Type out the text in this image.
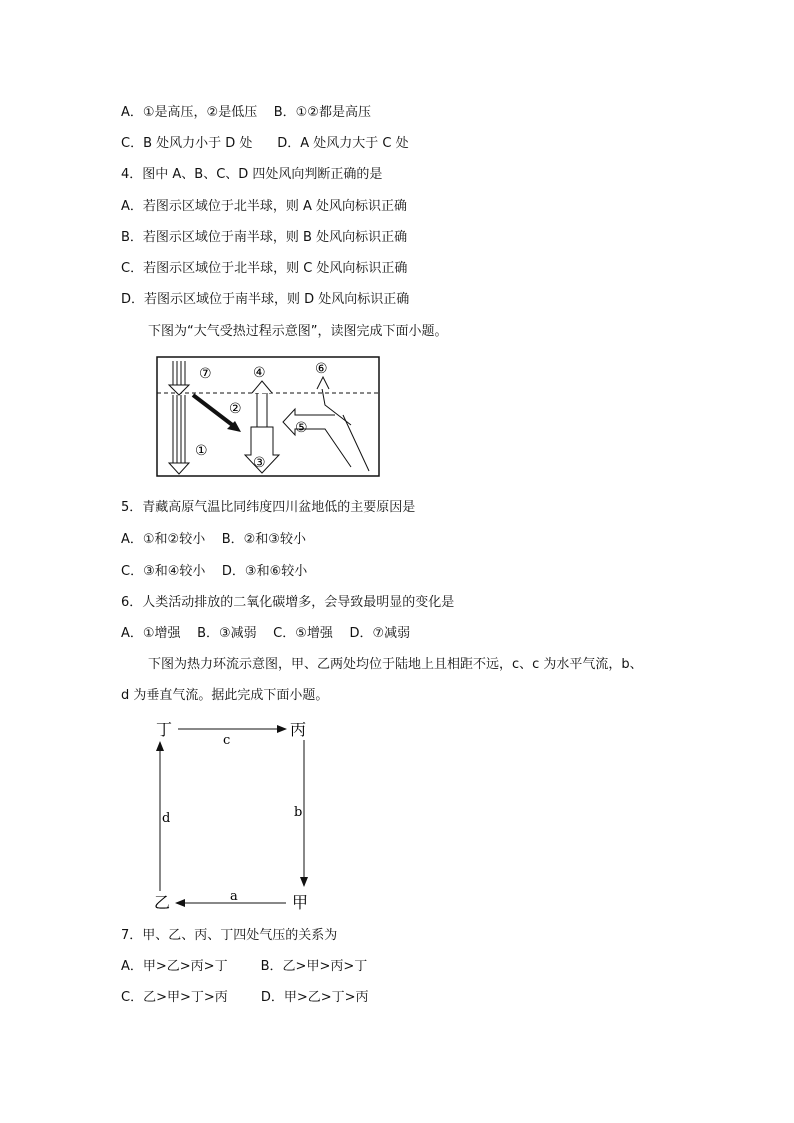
A．①是高压，②是低压    B．①②都是高压
C．B 处风力小于 D 处      D．A 处风力大于 C 处
4．图中 A、B、C、D 四处风向判断正确的是
A．若图示区域位于北半球，则 A 处风向标识正确
B．若图示区域位于南半球，则 B 处风向标识正确
C．若图示区域位于北半球，则 C 处风向标识正确
D．若图示区域位于南半球，则 D 处风向标识正确
下图为“大气受热过程示意图”，读图完成下面小题。
⑦
①
②
③
④
⑤
⑥
5．青藏高原气温比同纬度四川盆地低的主要原因是
A．①和②较小    B．②和③较小
C．③和④较小    D．③和⑥较小
6．人类活动排放的二氧化碳增多，会导致最明显的变化是
A．①增强    B．③减弱    C．⑤增强    D．⑦减弱
下图为热力环流示意图，甲、乙两处均位于陆地上且相距不远，c、c 为水平气流，b、
d 为垂直气流。据此完成下面小题。
丁	丙
乙	甲
c
b
a
d
7．甲、乙、丙、丁四处气压的关系为
A．甲>乙>丙>丁        B．乙>甲>丙>丁
C．乙>甲>丁>丙        D．甲>乙>丁>丙
